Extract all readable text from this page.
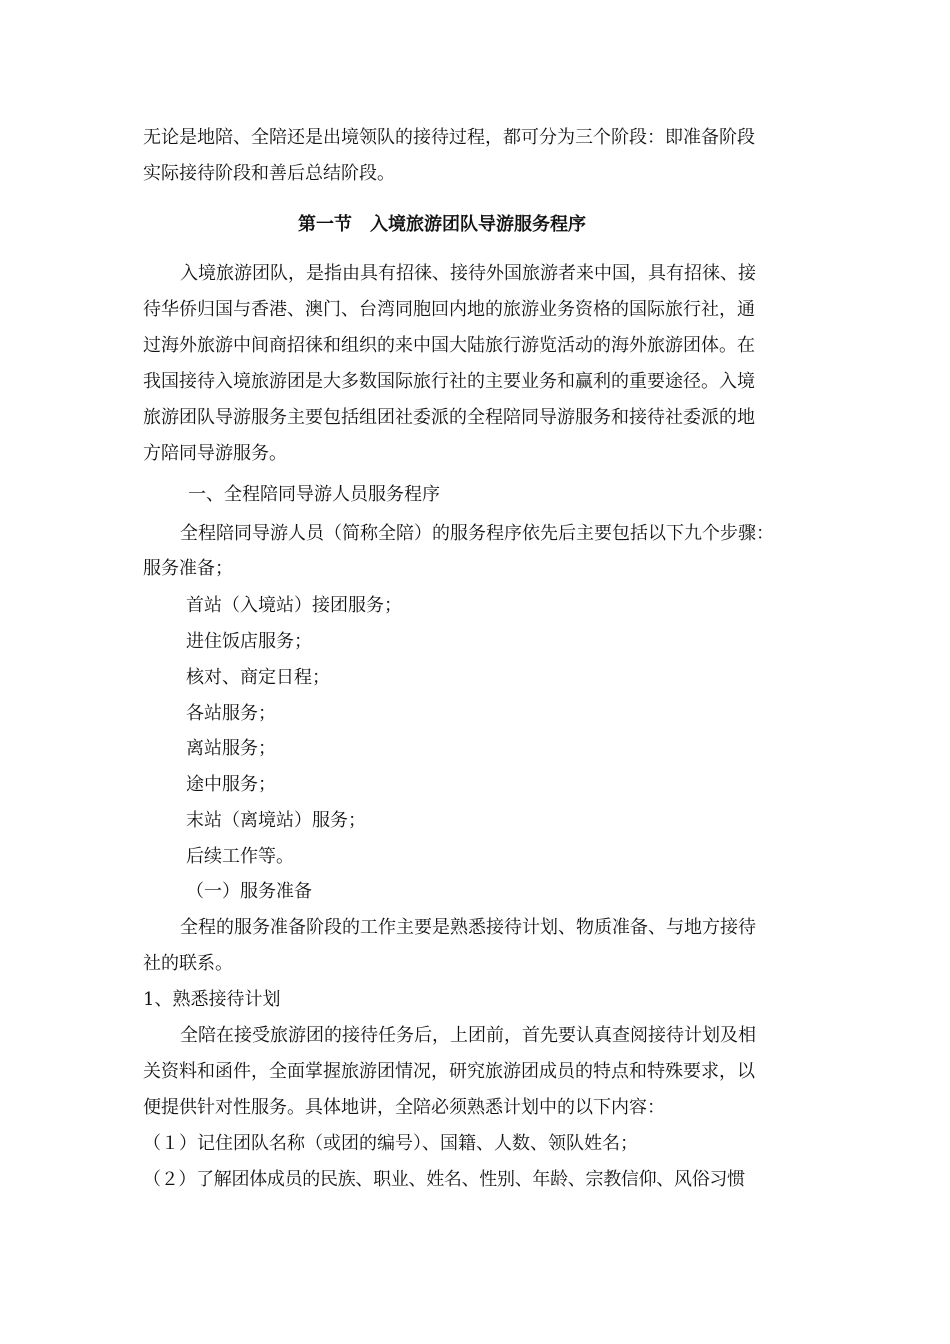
无论是地陪、全陪还是出境领队的接待过程，都可分为三个阶段：即准备阶段
实际接待阶段和善后总结阶段。
第一节　入境旅游团队导游服务程序
入境旅游团队，是指由具有招徕、接待外国旅游者来中国，具有招徕、接
待华侨归国与香港、澳门、台湾同胞回内地的旅游业务资格的国际旅行社，通
过海外旅游中间商招徕和组织的来中国大陆旅行游览活动的海外旅游团体。在
我国接待入境旅游团是大多数国际旅行社的主要业务和赢利的重要途径。入境
旅游团队导游服务主要包括组团社委派的全程陪同导游服务和接待社委派的地
方陪同导游服务。
一、全程陪同导游人员服务程序
全程陪同导游人员（简称全陪）的服务程序依先后主要包括以下九个步骤：
服务准备；
首站（入境站）接团服务；
进住饭店服务；
核对、商定日程；
各站服务；
离站服务；
途中服务；
末站（离境站）服务；
后续工作等。
（一）服务准备
全程的服务准备阶段的工作主要是熟悉接待计划、物质准备、与地方接待
社的联系。
1、熟悉接待计划
全陪在接受旅游团的接待任务后，上团前，首先要认真查阅接待计划及相
关资料和函件，全面掌握旅游团情况，研究旅游团成员的特点和特殊要求，以
便提供针对性服务。具体地讲，全陪必须熟悉计划中的以下内容：
（１）记住团队名称（或团的编号）、国籍、人数、领队姓名；
（２）了解团体成员的民族、职业、姓名、性别、年龄、宗教信仰、风俗习惯
